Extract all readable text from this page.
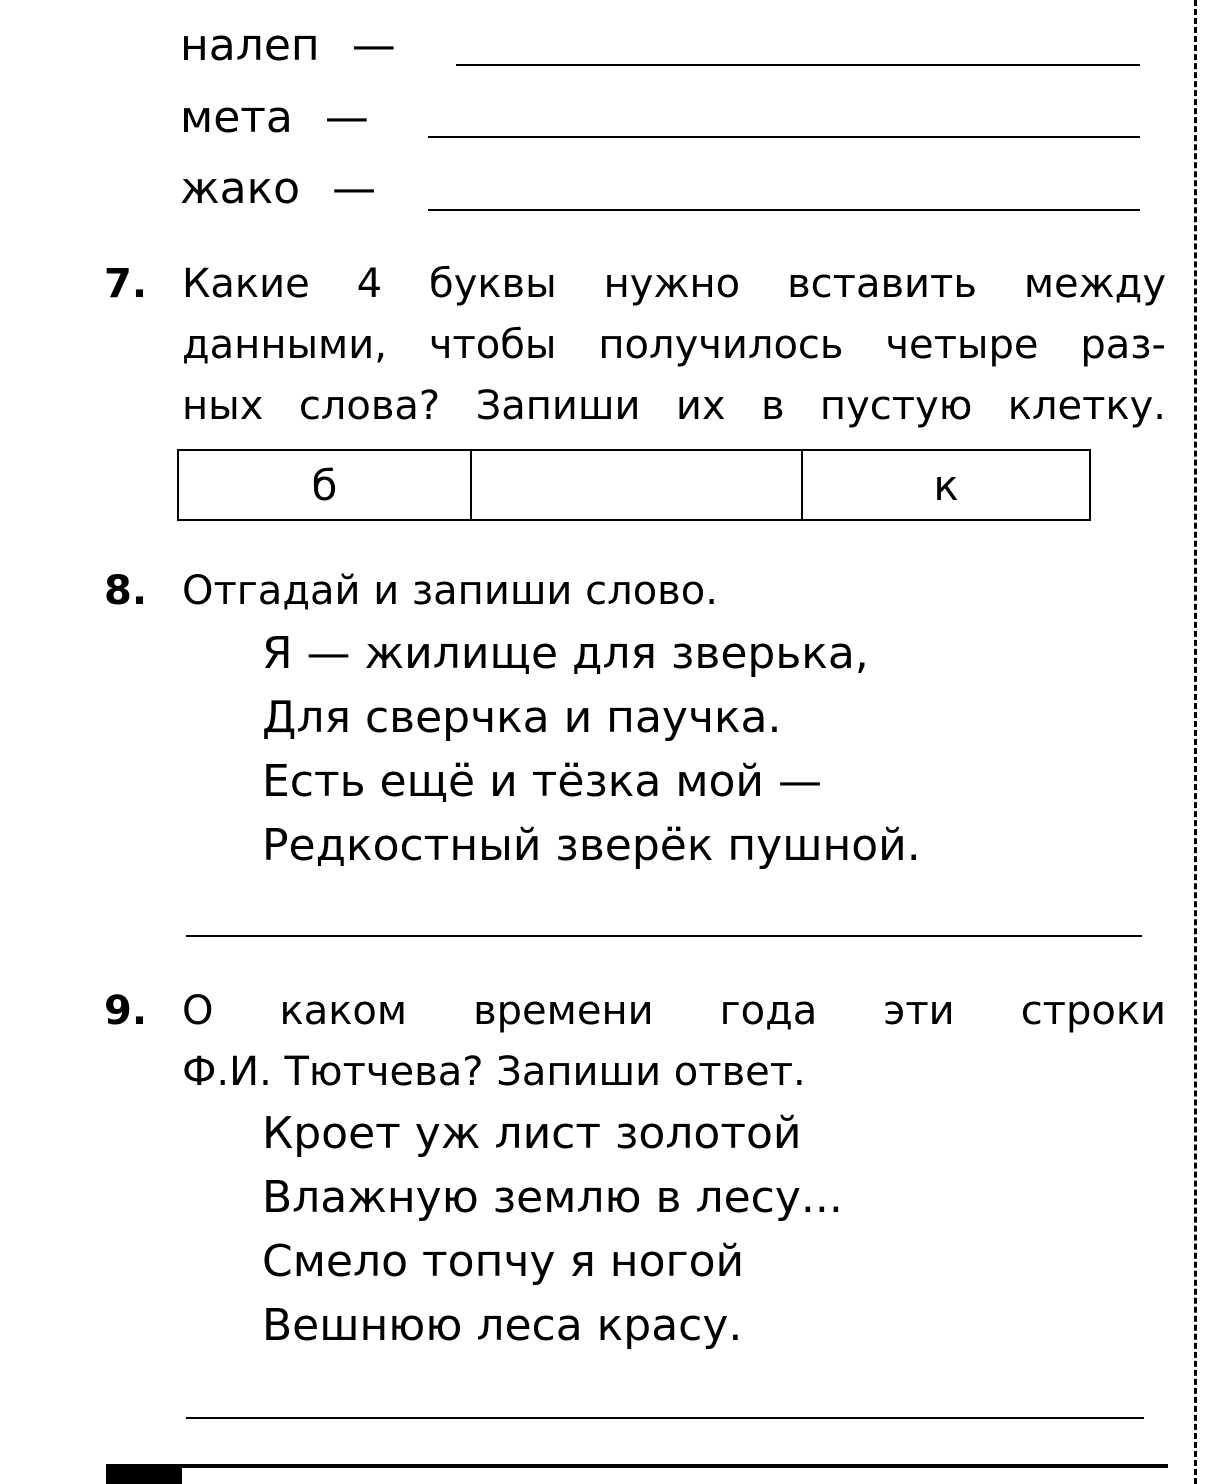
налеп —
мета —
жако —
7. Какие 4 буквы нужно вставить между
данными, чтобы получилось четыре раз-
ных слова? Запиши их в пустую клетку.
б	к
8. Отгадай и запиши слово.
Я — жилище для зверька,
Для сверчка и паучка.
Есть ещё и тёзка мой —
Редкостный зверёк пушной.
9. О каком времени года эти строки
Ф.И. Тютчева? Запиши ответ.
Кроет уж лист золотой
Влажную землю в лесу...
Смело топчу я ногой
Вешнюю леса красу.
